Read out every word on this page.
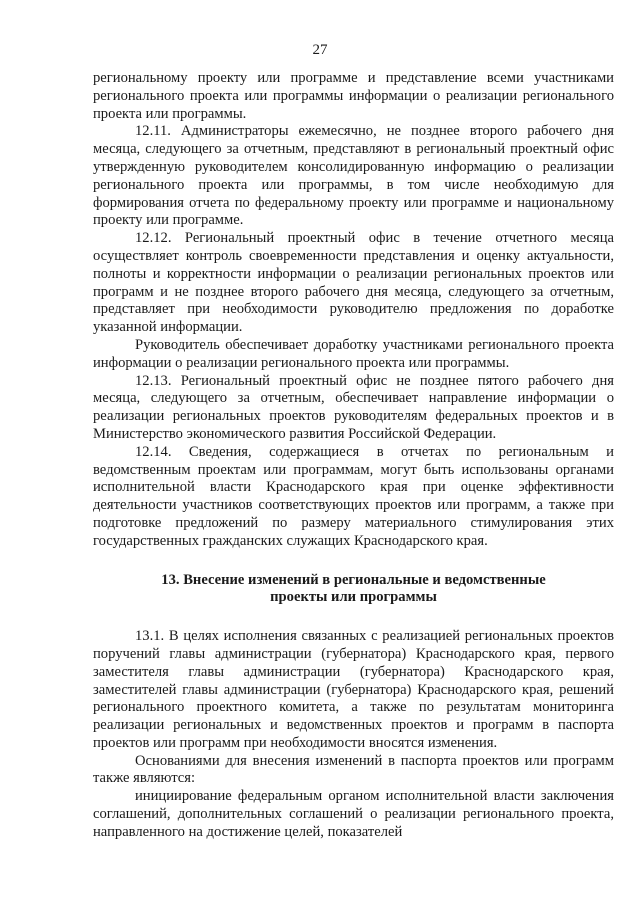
27

региональному проекту или программе и представление всеми участниками регионального проекта или программы информации о реализации регионального проекта или программы.

12.11. Администраторы ежемесячно, не позднее второго рабочего дня месяца, следующего за отчетным, представляют в региональный проектный офис утвержденную руководителем консолидированную информацию о реализации регионального проекта или программы, в том числе необходимую для формирования отчета по федеральному проекту или программе и национальному проекту или программе.

12.12. Региональный проектный офис в течение отчетного месяца осуществляет контроль своевременности представления и оценку актуальности, полноты и корректности информации о реализации региональных проектов или программ и не позднее второго рабочего дня месяца, следующего за отчетным, представляет при необходимости руководителю предложения по доработке указанной информации.

Руководитель обеспечивает доработку участниками регионального проекта информации о реализации регионального проекта или программы.

12.13. Региональный проектный офис не позднее пятого рабочего дня месяца, следующего за отчетным, обеспечивает направление информации о реализации региональных проектов руководителям федеральных проектов и в Министерство экономического развития Российской Федерации.

12.14. Сведения, содержащиеся в отчетах по региональным и ведомственным проектам или программам, могут быть использованы органами исполнительной власти Краснодарского края при оценке эффективности деятельности участников соответствующих проектов или программ, а также при подготовке предложений по размеру материального стимулирования этих государственных гражданских служащих Краснодарского края.

13. Внесение изменений в региональные и ведомственные
проекты или программы

13.1. В целях исполнения связанных с реализацией региональных проектов поручений главы администрации (губернатора) Краснодарского края, первого заместителя главы администрации (губернатора) Краснодарского края, заместителей главы администрации (губернатора) Краснодарского края, решений регионального проектного комитета, а также по результатам мониторинга реализации региональных и ведомственных проектов и программ в паспорта проектов или программ при необходимости вносятся изменения.

Основаниями для внесения изменений в паспорта проектов или программ также являются:

инициирование федеральным органом исполнительной власти заключения соглашений, дополнительных соглашений о реализации регионального проекта, направленного на достижение целей, показателей
